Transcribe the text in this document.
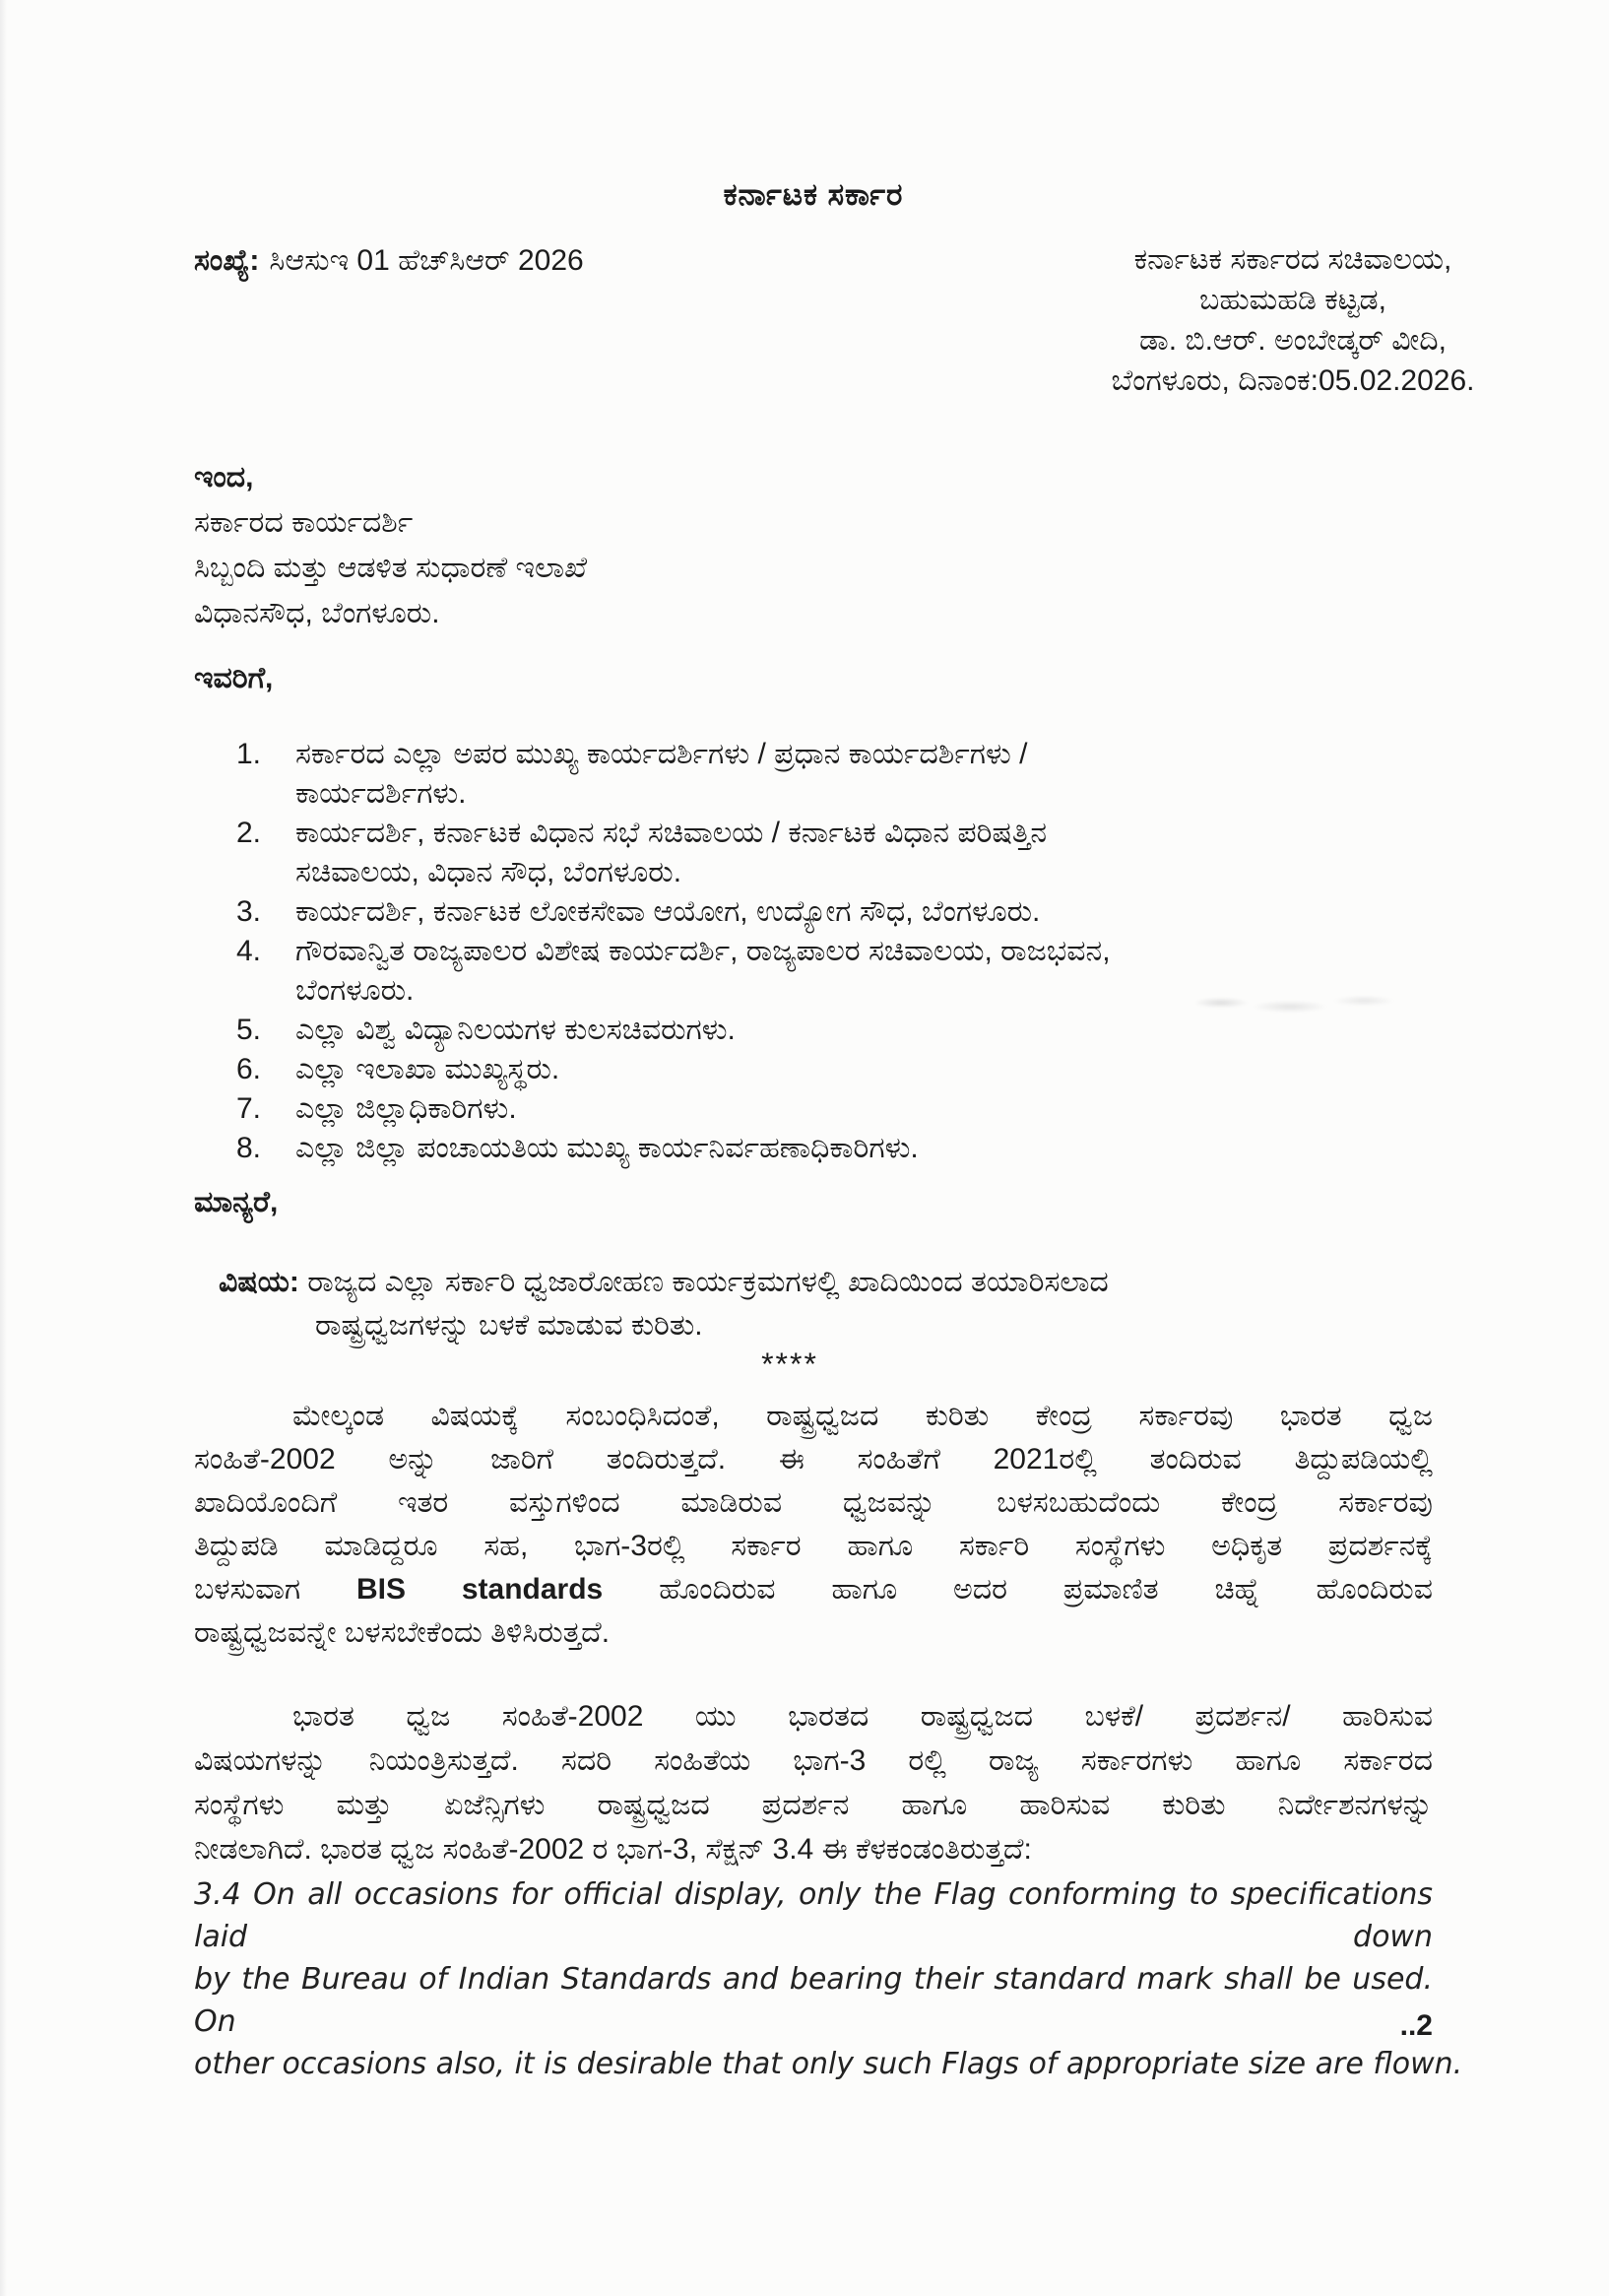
ಕರ್ನಾಟಕ ಸರ್ಕಾರ
ಸಂಖ್ಯೆ: ಸಿಆಸುಇ 01 ಹೆಚ್‌ಸಿಆರ್ 2026	ಕರ್ನಾಟಕ ಸರ್ಕಾರದ ಸಚಿವಾಲಯ,
ಬಹುಮಹಡಿ ಕಟ್ಟಡ,
ಡಾ. ಬಿ.ಆರ್. ಅಂಬೇಡ್ಕರ್ ವೀದಿ,
ಬೆಂಗಳೂರು, ದಿನಾಂಕ:05.02.2026.
ಇಂದ,
ಸರ್ಕಾರದ ಕಾರ್ಯದರ್ಶಿ
ಸಿಬ್ಬಂದಿ ಮತ್ತು ಆಡಳಿತ ಸುಧಾರಣೆ ಇಲಾಖೆ
ವಿಧಾನಸೌಧ, ಬೆಂಗಳೂರು.
ಇವರಿಗೆ,
1.	ಸರ್ಕಾರದ ಎಲ್ಲಾ ಅಪರ ಮುಖ್ಯ ಕಾರ್ಯದರ್ಶಿಗಳು / ಪ್ರಧಾನ ಕಾರ್ಯದರ್ಶಿಗಳು /
ಕಾರ್ಯದರ್ಶಿಗಳು.
2.	ಕಾರ್ಯದರ್ಶಿ, ಕರ್ನಾಟಕ ವಿಧಾನ ಸಭೆ ಸಚಿವಾಲಯ / ಕರ್ನಾಟಕ ವಿಧಾನ ಪರಿಷತ್ತಿನ
ಸಚಿವಾಲಯ, ವಿಧಾನ ಸೌಧ, ಬೆಂಗಳೂರು.
3.	ಕಾರ್ಯದರ್ಶಿ, ಕರ್ನಾಟಕ ಲೋಕಸೇವಾ ಆಯೋಗ, ಉದ್ಯೋಗ ಸೌಧ, ಬೆಂಗಳೂರು.
4.	ಗೌರವಾನ್ವಿತ ರಾಜ್ಯಪಾಲರ ವಿಶೇಷ ಕಾರ್ಯದರ್ಶಿ, ರಾಜ್ಯಪಾಲರ ಸಚಿವಾಲಯ, ರಾಜಭವನ,
ಬೆಂಗಳೂರು.
5.	ಎಲ್ಲಾ ವಿಶ್ವ ವಿದ್ಯಾನಿಲಯಗಳ ಕುಲಸಚಿವರುಗಳು.
6.	ಎಲ್ಲಾ ಇಲಾಖಾ ಮುಖ್ಯಸ್ಥರು.
7.	ಎಲ್ಲಾ ಜಿಲ್ಲಾಧಿಕಾರಿಗಳು.
8.	ಎಲ್ಲಾ ಜಿಲ್ಲಾ ಪಂಚಾಯತಿಯ ಮುಖ್ಯ ಕಾರ್ಯನಿರ್ವಹಣಾಧಿಕಾರಿಗಳು.
ಮಾನ್ಯರೆ,
ವಿಷಯ: ರಾಜ್ಯದ ಎಲ್ಲಾ ಸರ್ಕಾರಿ ಧ್ವಜಾರೋಹಣ ಕಾರ್ಯಕ್ರಮಗಳಲ್ಲಿ ಖಾದಿಯಿಂದ ತಯಾರಿಸಲಾದ
ರಾಷ್ಟ್ರಧ್ವಜಗಳನ್ನು ಬಳಕೆ ಮಾಡುವ ಕುರಿತು.
****
ಮೇಲ್ಕಂಡ ವಿಷಯಕ್ಕೆ ಸಂಬಂಧಿಸಿದಂತೆ, ರಾಷ್ಟ್ರಧ್ವಜದ ಕುರಿತು ಕೇಂದ್ರ ಸರ್ಕಾರವು ಭಾರತ ಧ್ವಜ
ಸಂಹಿತೆ-2002 ಅನ್ನು ಜಾರಿಗೆ ತಂದಿರುತ್ತದೆ. ಈ ಸಂಹಿತೆಗೆ 2021ರಲ್ಲಿ ತಂದಿರುವ ತಿದ್ದುಪಡಿಯಲ್ಲಿ
ಖಾದಿಯೊಂದಿಗೆ ಇತರ ವಸ್ತುಗಳಿಂದ ಮಾಡಿರುವ ಧ್ವಜವನ್ನು ಬಳಸಬಹುದೆಂದು ಕೇಂದ್ರ ಸರ್ಕಾರವು
ತಿದ್ದುಪಡಿ ಮಾಡಿದ್ದರೂ ಸಹ, ಭಾಗ-3ರಲ್ಲಿ ಸರ್ಕಾರ ಹಾಗೂ ಸರ್ಕಾರಿ ಸಂಸ್ಥೆಗಳು ಅಧಿಕೃತ ಪ್ರದರ್ಶನಕ್ಕೆ
ಬಳಸುವಾಗ BIS standards ಹೊಂದಿರುವ ಹಾಗೂ ಅದರ ಪ್ರಮಾಣಿತ ಚಿಹ್ನೆ ಹೊಂದಿರುವ
ರಾಷ್ಟ್ರಧ್ವಜವನ್ನೇ ಬಳಸಬೇಕೆಂದು ತಿಳಿಸಿರುತ್ತದೆ.
ಭಾರತ ಧ್ವಜ ಸಂಹಿತೆ-2002 ಯು ಭಾರತದ ರಾಷ್ಟ್ರಧ್ವಜದ ಬಳಕೆ/ ಪ್ರದರ್ಶನ/ ಹಾರಿಸುವ
ವಿಷಯಗಳನ್ನು ನಿಯಂತ್ರಿಸುತ್ತದೆ. ಸದರಿ ಸಂಹಿತೆಯ ಭಾಗ-3 ರಲ್ಲಿ ರಾಜ್ಯ ಸರ್ಕಾರಗಳು ಹಾಗೂ ಸರ್ಕಾರದ
ಸಂಸ್ಥೆಗಳು ಮತ್ತು ಏಜೆನ್ಸಿಗಳು ರಾಷ್ಟ್ರಧ್ವಜದ ಪ್ರದರ್ಶನ ಹಾಗೂ ಹಾರಿಸುವ ಕುರಿತು ನಿರ್ದೇಶನಗಳನ್ನು
ನೀಡಲಾಗಿದೆ. ಭಾರತ ಧ್ವಜ ಸಂಹಿತೆ-2002 ರ ಭಾಗ-3, ಸೆಕ್ಷನ್ 3.4 ಈ ಕೆಳಕಂಡಂತಿರುತ್ತದೆ:
3.4 On all occasions for official display, only the Flag conforming to specifications laid down
by the Bureau of Indian Standards and bearing their standard mark shall be used. On
other occasions also, it is desirable that only such Flags of appropriate size are flown.
..2
